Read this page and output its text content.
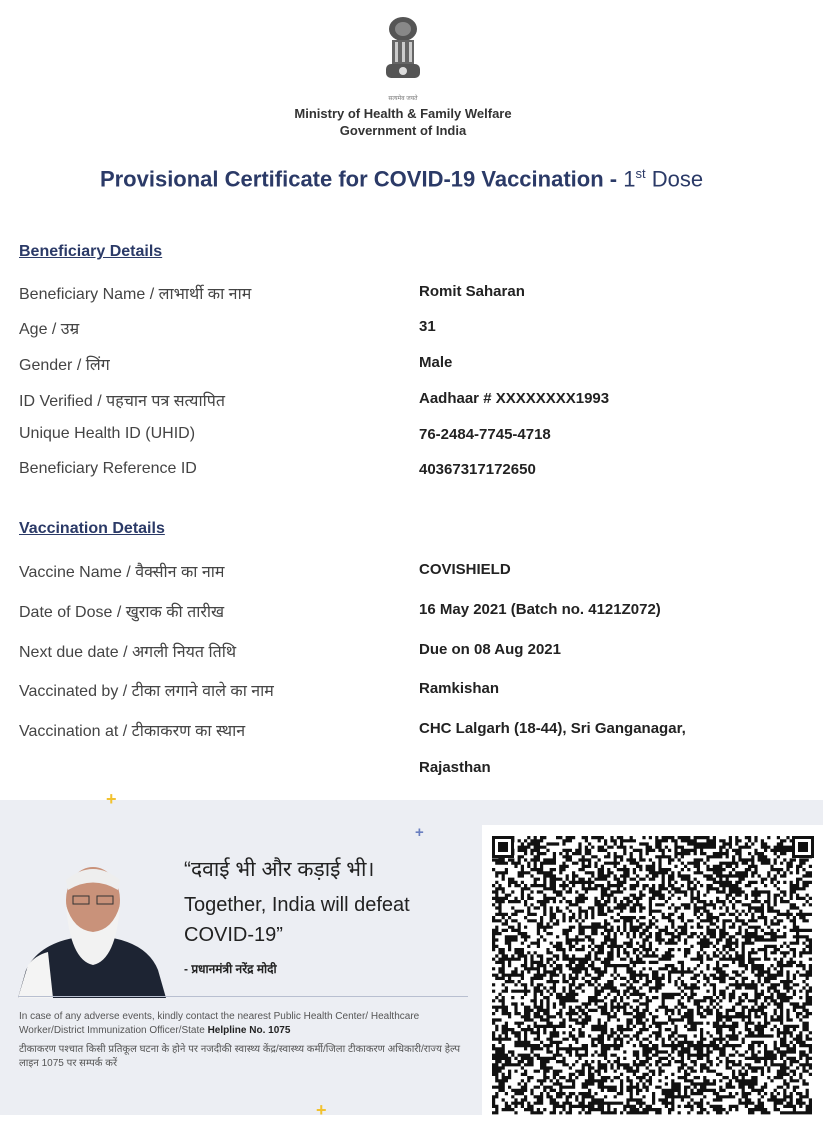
सत्यमेव जयते
Ministry of Health & Family Welfare
Government of India
Provisional Certificate for COVID-19 Vaccination - 1st Dose
Beneficiary Details
Beneficiary Name / लाभार्थी का नाम	Romit Saharan
Age / उम्र	31
Gender / लिंग	Male
ID Verified / पहचान पत्र सत्यापित	Aadhaar # XXXXXXXX1993
Unique Health ID (UHID)	76-2484-7745-4718
Beneficiary Reference ID	40367317172650
Vaccination Details
Vaccine Name / वैक्सीन का नाम	COVISHIELD
Date of Dose / खुराक की तारीख	16 May 2021 (Batch no. 4121Z072)
Next due date / अगली नियत तिथि	Due on 08 Aug 2021
Vaccinated by / टीका लगाने वाले का नाम	Ramkishan
Vaccination at / टीकाकरण का स्थान	CHC Lalgarh (18-44), Sri Ganganagar,
Rajasthan
+
+
+
“दवाई भी और कड़ाई भी।
Together, India will defeat
COVID-19”
- प्रधानमंत्री नरेंद्र मोदी
In case of any adverse events, kindly contact the nearest Public Health Center/ Healthcare Worker/District Immunization Officer/State Helpline No. 1075
टीकाकरण पश्चात किसी प्रतिकूल घटना के होने पर नजदीकी स्वास्थ्य केंद्र/स्वास्थ्य कर्मी/जिला टीकाकरण अधिकारी/राज्य हेल्प लाइन 1075 पर सम्पर्क करें
